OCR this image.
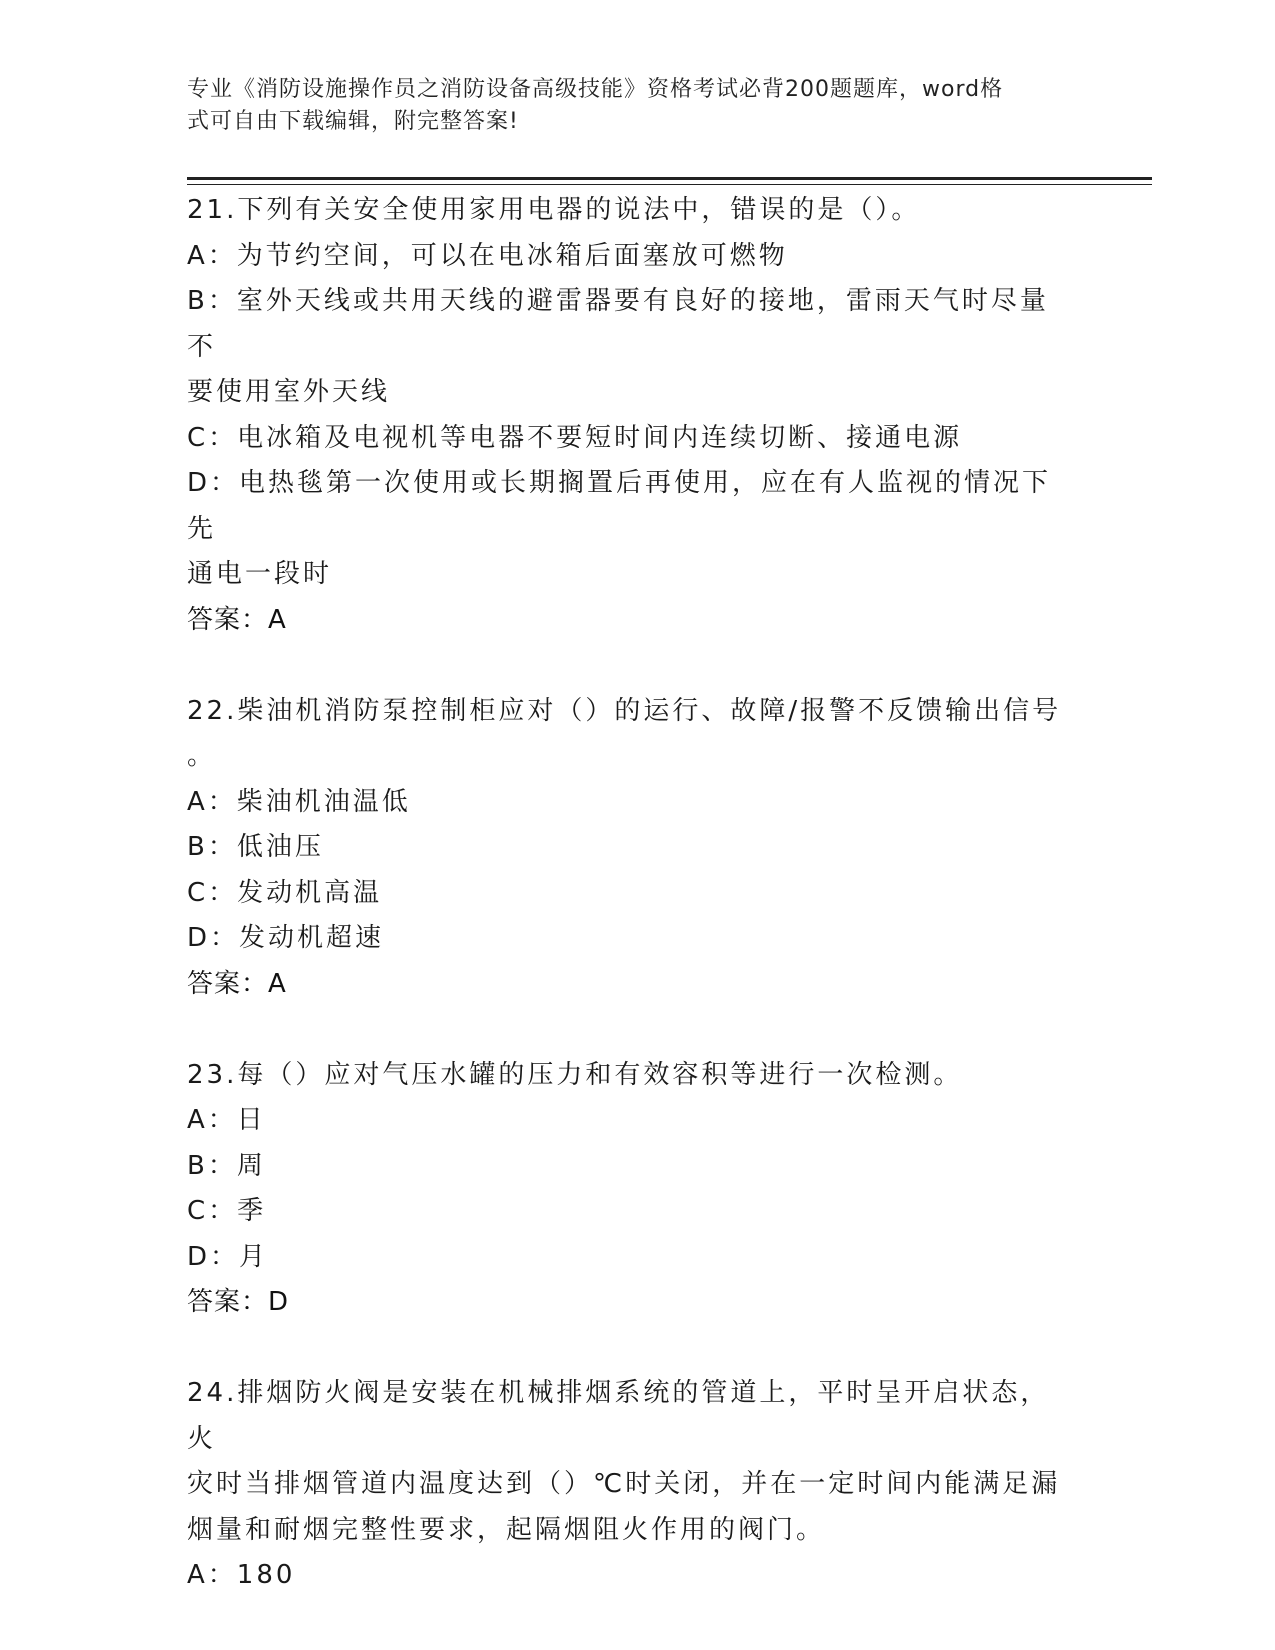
专业《消防设施操作员之消防设备高级技能》资格考试必背200题题库，word格
式可自由下载编辑，附完整答案!
21.下列有关安全使用家用电器的说法中，错误的是（）。
A：为节约空间，可以在电冰箱后面塞放可燃物
B：室外天线或共用天线的避雷器要有良好的接地，雷雨天气时尽量不
要使用室外天线
C：电冰箱及电视机等电器不要短时间内连续切断、接通电源
D：电热毯第一次使用或长期搁置后再使用，应在有人监视的情况下先
通电一段时
答案：A
22.柴油机消防泵控制柜应对（）的运行、故障/报警不反馈输出信号
。
A：柴油机油温低
B：低油压
C：发动机高温
D：发动机超速
答案：A
23.每（）应对气压水罐的压力和有效容积等进行一次检测。
A：日
B：周
C：季
D：月
答案：D
24.排烟防火阀是安装在机械排烟系统的管道上，平时呈开启状态，火
灾时当排烟管道内温度达到（）℃时关闭，并在一定时间内能满足漏
烟量和耐烟完整性要求，起隔烟阻火作用的阀门。
A：180
